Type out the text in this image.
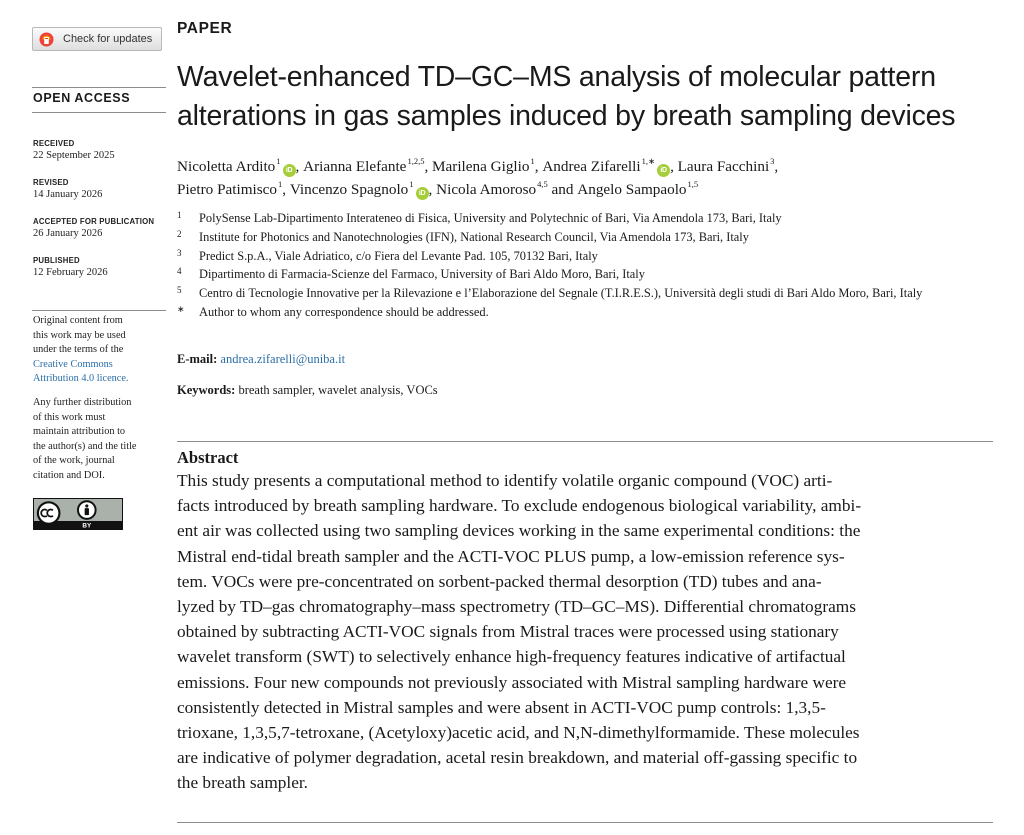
Check for updates
OPEN ACCESS
RECEIVED
22 September 2025
REVISED
14 January 2026
ACCEPTED FOR PUBLICATION
26 January 2026
PUBLISHED
12 February 2026

Original content from

this work may be used

under the terms of the

Creative Commons

Attribution 4.0 licence.

Any further distribution

of this work must

maintain attribution to

the author(s) and the title

of the work, journal

citation and DOI.

BY
PAPER
Wavelet-enhanced TD–GC–MS analysis of molecular pattern
alterations in gas samples induced by breath sampling devices
Nicoletta Ardito$^1$iD , Arianna Elefante$^{1,2,5}$, Marilena Giglio$^1$, Andrea Zifarelli$^{1,∗}$iD , Laura Facchini$^3$,
Pietro Patimisco$^1$, Vincenzo Spagnolo$^1$iD , Nicola Amoroso$^{4,5}$ and Angelo Sampaolo$^{1,5}$
1 PolySense Lab-Dipartimento Interateneo di Fisica, University and Polytechnic of Bari, Via Amendola 173, Bari, Italy
2 Institute for Photonics and Nanotechnologies (IFN), National Research Council, Via Amendola 173, Bari, Italy
3 Predict S.p.A., Viale Adriatico, c/o Fiera del Levante Pad. 105, 70132 Bari, Italy
4 Dipartimento di Farmacia-Scienze del Farmaco, University of Bari Aldo Moro, Bari, Italy
5 Centro di Tecnologie Innovative per la Rilevazione e l’Elaborazione del Segnale (T.I.R.E.S.), Università degli studi di Bari Aldo Moro, Bari, Italy
∗ Author to whom any correspondence should be addressed.

E-mail: andrea.zifarelli@uniba.it

Keywords: breath sampler, wavelet analysis, VOCs

Abstract
This study presents a computational method to identify volatile organic compound (VOC) arti-
facts introduced by breath sampling hardware. To exclude endogenous biological variability, ambi-
ent air was collected using two sampling devices working in the same experimental conditions: the
Mistral end-tidal breath sampler and the ACTI-VOC PLUS pump, a low-emission reference sys-
tem. VOCs were pre-concentrated on sorbent-packed thermal desorption (TD) tubes and ana-
lyzed by TD–gas chromatography–mass spectrometry (TD–GC–MS). Differential chromatograms
obtained by subtracting ACTI-VOC signals from Mistral traces were processed using stationary
wavelet transform (SWT) to selectively enhance high-frequency features indicative of artifactual
emissions. Four new compounds not previously associated with Mistral sampling hardware were
consistently detected in Mistral samples and were absent in ACTI-VOC pump controls: 1,3,5-
trioxane, 1,3,5,7-tetroxane, (Acetyloxy)acetic acid, and N,N-dimethylformamide. These molecules
are indicative of polymer degradation, acetal resin breakdown, and material off-gassing specific to
the breath sampler.
